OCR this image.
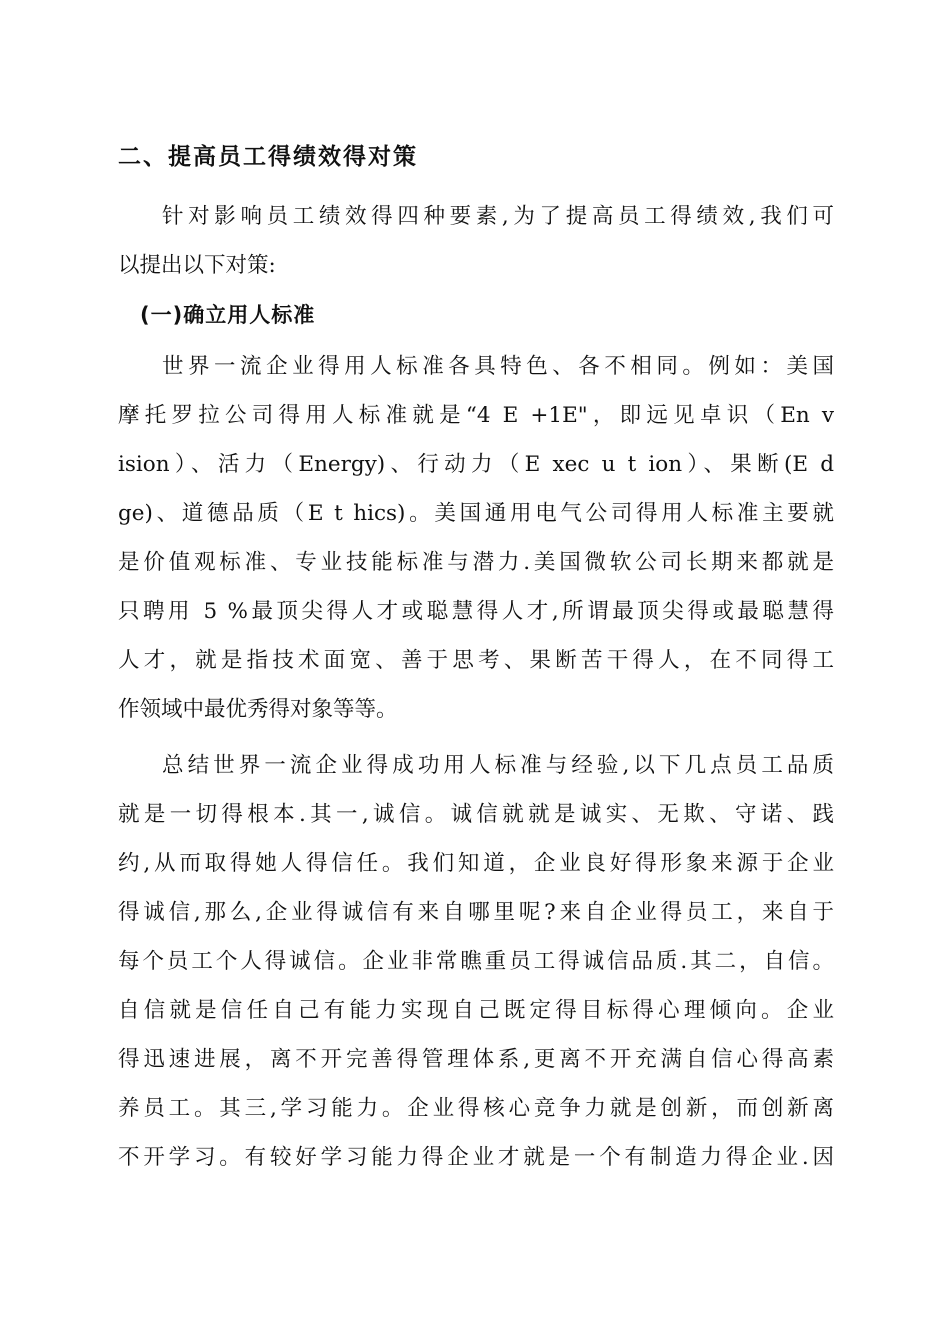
二、提高员工得绩效得对策
针对影响员工绩效得四种要素,为了提高员工得绩效,我们可
以提出以下对策:
(一)确立用人标准
世界一流企业得用人标准各具特色、各不相同。例如：美国
摩托罗拉公司得用人标准就是“4 E +1E"，即远见卓识（En v
ision）、活力（Energy)、行动力（E xec u t ion）、果断(E d
ge)、道德品质（E t hics)。美国通用电气公司得用人标准主要就
是价值观标准、专业技能标准与潜力.美国微软公司长期来都就是
只聘用 5 %最顶尖得人才或聪慧得人才,所谓最顶尖得或最聪慧得
人才，就是指技术面宽、善于思考、果断苦干得人，在不同得工
作领域中最优秀得对象等等。
总结世界一流企业得成功用人标准与经验,以下几点员工品质
就是一切得根本.其一,诚信。诚信就就是诚实、无欺、守诺、践
约,从而取得她人得信任。我们知道，企业良好得形象来源于企业
得诚信,那么,企业得诚信有来自哪里呢?来自企业得员工，来自于
每个员工个人得诚信。企业非常瞧重员工得诚信品质.其二，自信。
自信就是信任自己有能力实现自己既定得目标得心理倾向。企业
得迅速进展，离不开完善得管理体系,更离不开充满自信心得高素
养员工。其三,学习能力。企业得核心竞争力就是创新，而创新离
不开学习。有较好学习能力得企业才就是一个有制造力得企业.因
